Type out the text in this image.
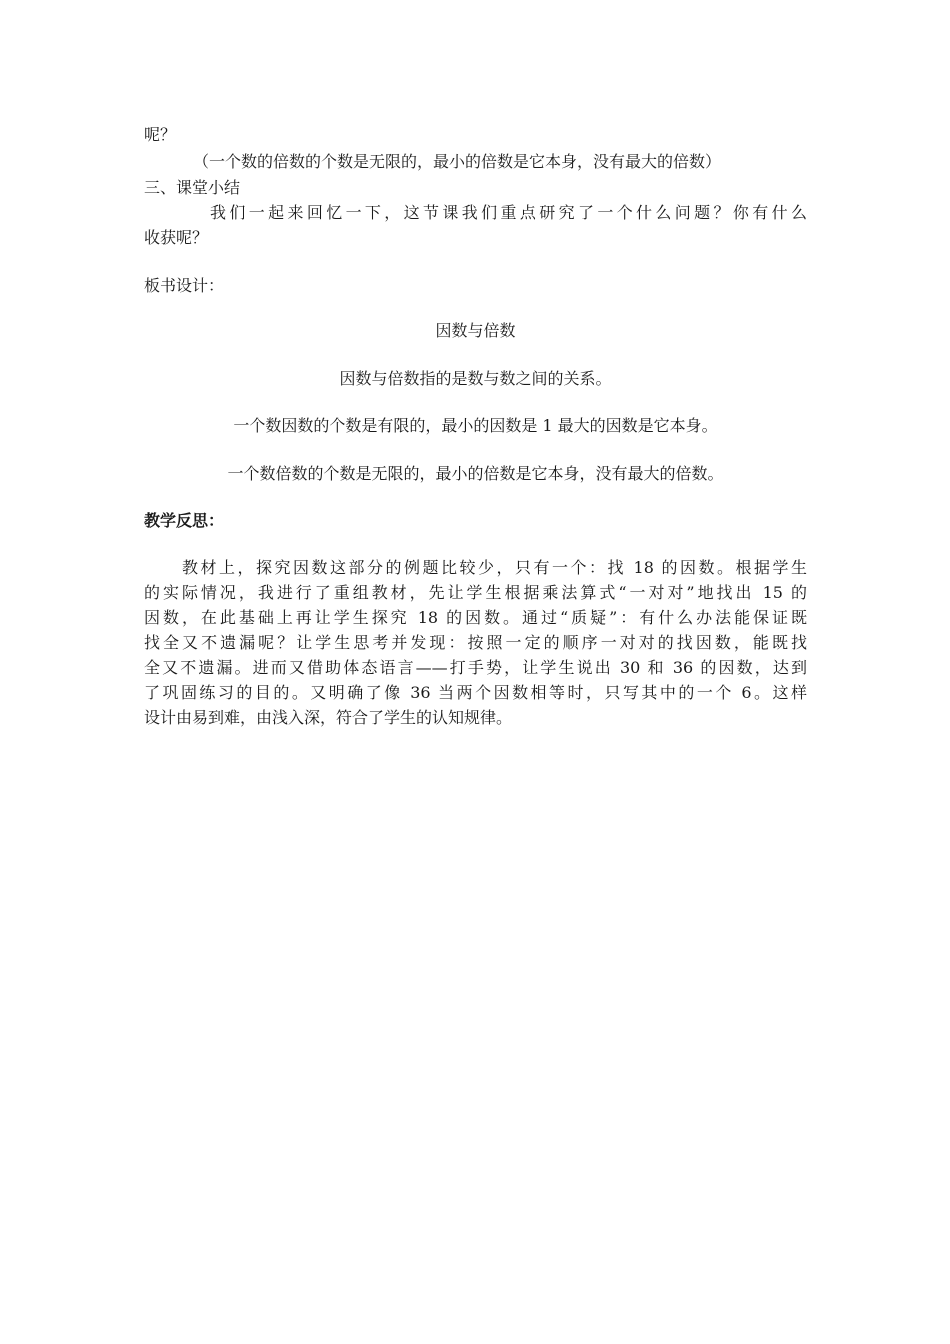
呢？
（一个数的倍数的个数是无限的，最小的倍数是它本身，没有最大的倍数）
三、课堂小结
我们一起来回忆一下，这节课我们重点研究了一个什么问题？你有什么
收获呢？
板书设计：
因数与倍数
因数与倍数指的是数与数之间的关系。
一个数因数的个数是有限的，最小的因数是 1 最大的因数是它本身。
一个数倍数的个数是无限的，最小的倍数是它本身，没有最大的倍数。
教学反思：
教材上，探究因数这部分的例题比较少，只有一个：找 18 的因数。根据学生
的实际情况，我进行了重组教材，先让学生根据乘法算式“一对对”地找出 15 的
因数，在此基础上再让学生探究 18 的因数。通过“质疑”：有什么办法能保证既
找全又不遗漏呢？让学生思考并发现：按照一定的顺序一对对的找因数，能既找
全又不遗漏。进而又借助体态语言——打手势，让学生说出 30 和 36 的因数，达到
了巩固练习的目的。又明确了像 36 当两个因数相等时，只写其中的一个 6。这样
设计由易到难，由浅入深，符合了学生的认知规律。
